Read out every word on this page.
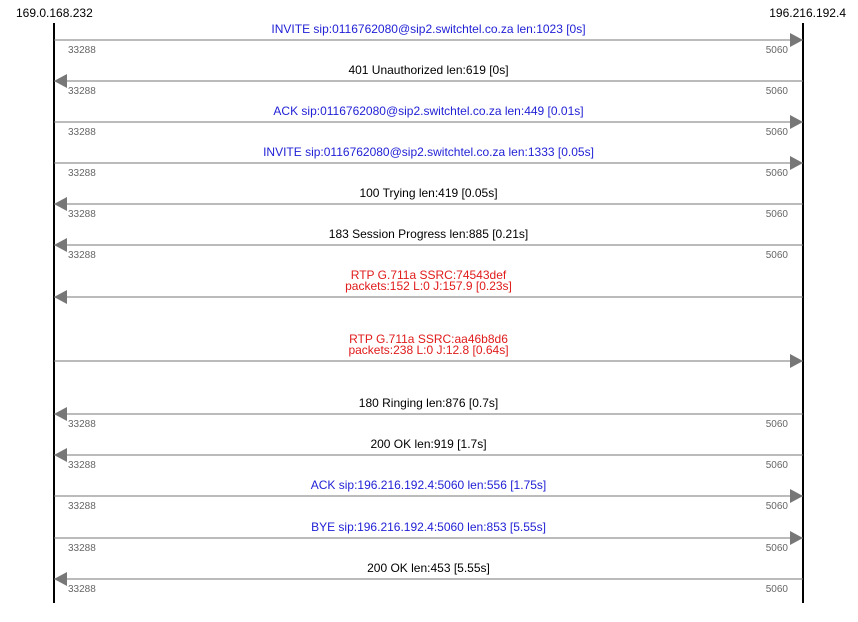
169.0.168.232	196.216.192.4
INVITE sip:0116762080@sip2.switchtel.co.za len:1023 [0s]
33288	5060
401 Unauthorized len:619 [0s]
33288	5060
ACK sip:0116762080@sip2.switchtel.co.za len:449 [0.01s]
33288	5060
INVITE sip:0116762080@sip2.switchtel.co.za len:1333 [0.05s]
33288	5060
100 Trying len:419 [0.05s]
33288	5060
183 Session Progress len:885 [0.21s]
33288	5060
RTP G.711a SSRC:74543def
packets:152 L:0 J:157.9 [0.23s]
RTP G.711a SSRC:aa46b8d6
packets:238 L:0 J:12.8 [0.64s]
180 Ringing len:876 [0.7s]
33288	5060
200 OK len:919 [1.7s]
33288	5060
ACK sip:196.216.192.4:5060 len:556 [1.75s]
33288	5060
BYE sip:196.216.192.4:5060 len:853 [5.55s]
33288	5060
200 OK len:453 [5.55s]
33288	5060
